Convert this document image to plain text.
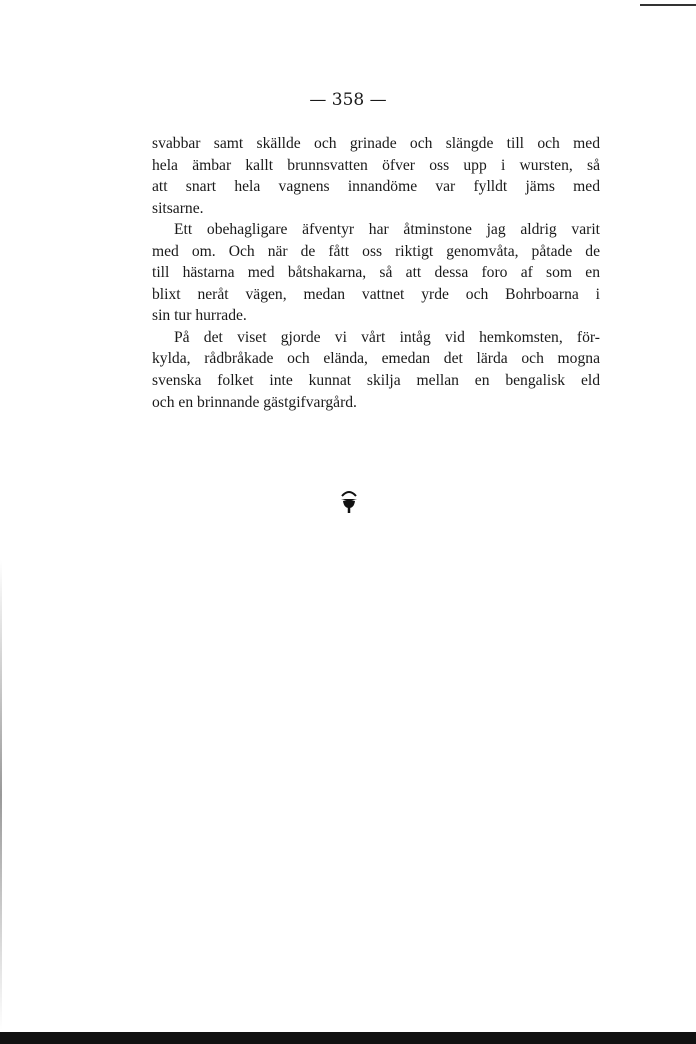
— 358 —
svabbar samt skällde och grinade och slängde till och med
hela ämbar kallt brunnsvatten öfver oss upp i wursten, så
att snart hela vagnens innandöme var fylldt jäms med
sitsarne.
Ett obehagligare äfventyr har åtminstone jag aldrig varit
med om. Och när de fått oss riktigt genomvåta, påtade de
till hästarna med båtshakarna, så att dessa foro af som en
blixt neråt vägen, medan vattnet yrde och Bohrboarna i
sin tur hurrade.
På det viset gjorde vi vårt intåg vid hemkomsten, för-
kylda, rådbråkade och elända, emedan det lärda och mogna
svenska folket inte kunnat skilja mellan en bengalisk eld
och en brinnande gästgifvargård.
